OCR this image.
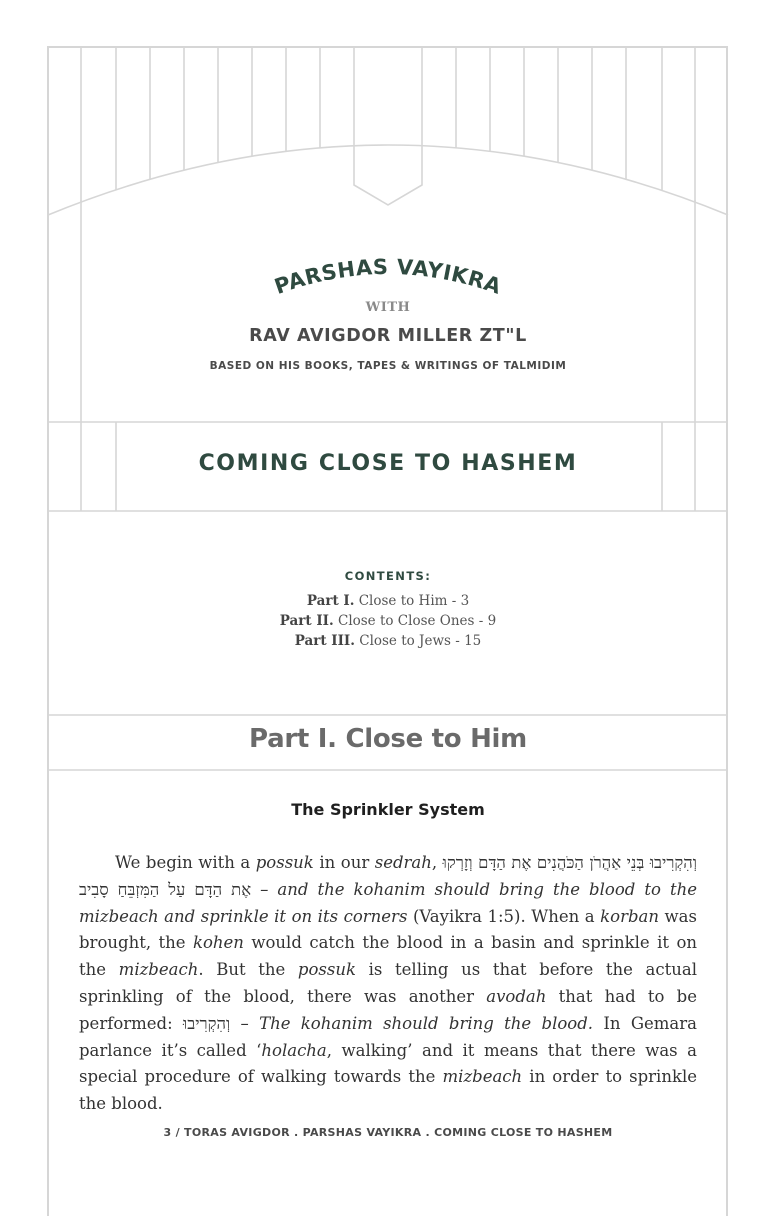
PARSHAS VAYIKRA

WITH

RAV AVIGDOR MILLER ZT"L

BASED ON HIS BOOKS, TAPES & WRITINGS OF TALMIDIM

COMING CLOSE TO HASHEM

CONTENTS:

Part I. Close to Him - 3
Part II. Close to Close Ones - 9
Part III. Close to Jews - 15
Part I. Close to Him
The Sprinkler System

We begin with a possuk in our sedrah, וְהִקְרִיבוּ בְּנֵי אַהֲרֹן הַכֹּהֲנִים אֶת הַדָּם וְזָרְקוּ אֶת הַדָּם עַל הַמִּזְבֵּחַ סָבִיב – and the kohanim should bring the blood to the mizbeach and sprinkle it on its corners (Vayikra 1:5). When a korban was brought, the kohen would catch the blood in a basin and sprinkle it on the mizbeach. But the possuk is telling us that before the actual sprinkling of the blood, there was another avodah that had to be performed: וְהִקְרִיבוּ – The kohanim should bring the blood. In Gemara parlance it’s called ‘holacha, walking’ and it means that there was a special procedure of walking towards the mizbeach in order to sprinkle the blood.

3 / TORAS AVIGDOR . PARSHAS VAYIKRA . COMING CLOSE TO HASHEM
